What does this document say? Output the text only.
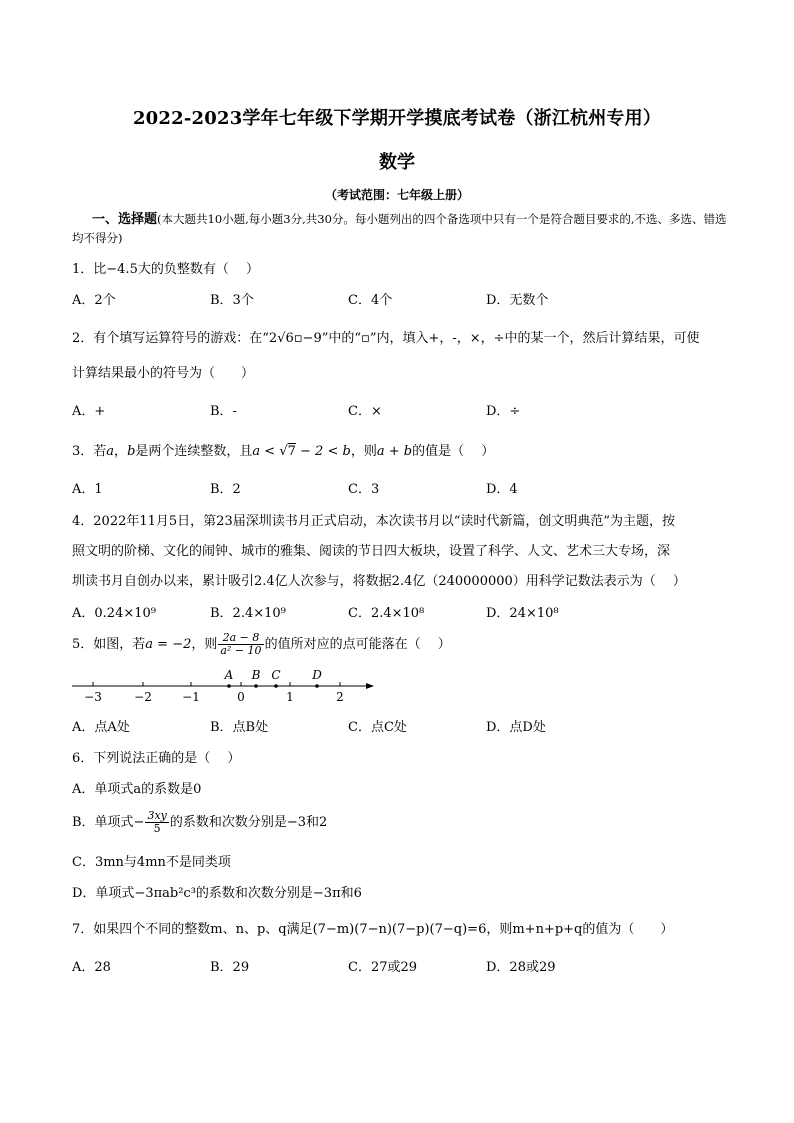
2022-2023学年七年级下学期开学摸底考试卷（浙江杭州专用）
数学
（考试范围：七年级上册）
一、选择题(本大题共10小题,每小题3分,共30分。每小题列出的四个备选项中只有一个是符合题目要求的,不选、多选、错选均不得分)
1．比−4.5大的负整数有（　 ）
A．2个	B．3个	C．4个	D．无数个
2．有个填写运算符号的游戏：在“2√6▫−9”中的“▫”内，填入+，-，×，÷中的某一个，然后计算结果，可使
计算结果最小的符号为（　　）
A．+	B．-	C．×	D．÷
3．若a，b是两个连续整数，且a < √7 − 2 < b，则a + b的值是（　 ）
A．1	B．2	C．3	D．4
4．2022年11月5日，第23届深圳读书月正式启动，本次读书月以“读时代新篇，创文明典范”为主题，按
照文明的阶梯、文化的闹钟、城市的雅集、阅读的节日四大板块，设置了科学、人文、艺术三大专场，深
圳读书月自创办以来，累计吸引2.4亿人次参与，将数据2.4亿（240000000）用科学记数法表示为（　 ）
A．0.24×10⁹	B．2.4×10⁹	C．2.4×10⁸	D．24×10⁸
5．如图，若a = −2，则 $\frac{2a - 8}{\text{a² − 10}}$ 的值所对应的点可能落在（　 ）
−3	−2	−1	0	1	2
A B C	D
A．点A处	B．点B处	C．点C处	D．点D处
6．下列说法正确的是（　 ）
A．单项式a的系数是0
B．单项式− $\frac{3xy}{5}$ 的系数和次数分别是−3和2
C．3mn与4mn不是同类项
D．单项式−3πab²c³的系数和次数分别是−3π和6
7．如果四个不同的整数m、n、p、q满足(7−m)(7−n)(7−p)(7−q)=6，则m+n+p+q的值为（　　）
A．28	B．29	C．27或29	D．28或29
